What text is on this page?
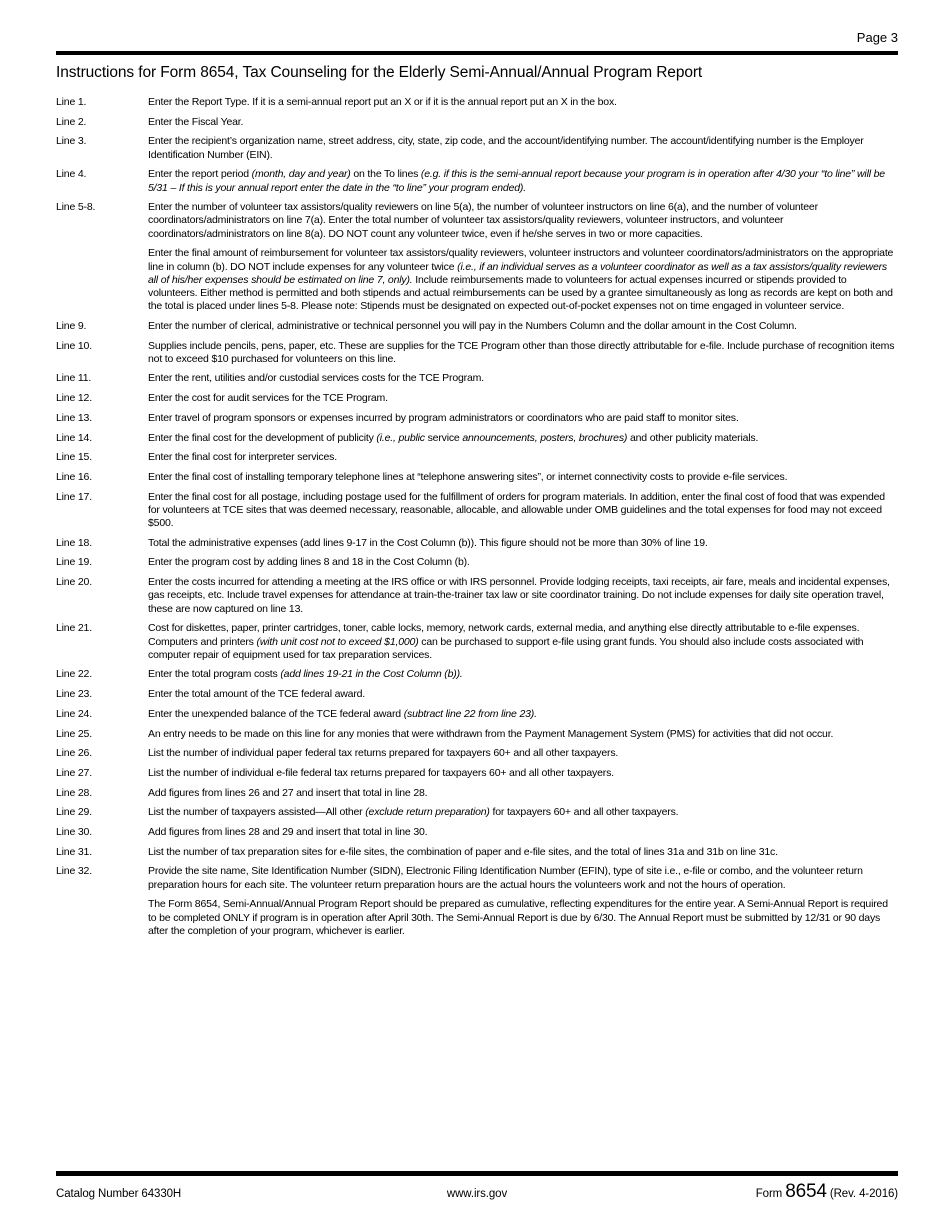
Page 3
Instructions for Form 8654, Tax Counseling for the Elderly Semi-Annual/Annual Program Report
Line 1.	Enter the Report Type. If it is a semi-annual report put an X or if it is the annual report put an X in the box.
Line 2.	Enter the Fiscal Year.
Line 3.	Enter the recipient’s organization name, street address, city, state, zip code, and the account/identifying number. The account/identifying number is the Employer Identification Number (EIN).
Line 4.	Enter the report period (month, day and year) on the To lines (e.g. if this is the semi-annual report because your program is in operation after 4/30 your “to line” will be 5/31 – If this is your annual report enter the date in the “to line” your program ended).
Line 5-8.	Enter the number of volunteer tax assistors/quality reviewers on line 5(a), the number of volunteer instructors on line 6(a), and the number of volunteer coordinators/administrators on line 7(a). Enter the total number of volunteer tax assistors/quality reviewers, volunteer instructors, and volunteer coordinators/administrators on line 8(a). DO NOT count any volunteer twice, even if he/she serves in two or more capacities.
Enter the final amount of reimbursement for volunteer tax assistors/quality reviewers, volunteer instructors and volunteer coordinators/administrators on the appropriate line in column (b). DO NOT include expenses for any volunteer twice (i.e., if an individual serves as a volunteer coordinator as well as a tax assistors/quality reviewers all of his/her expenses should be estimated on line 7, only). Include reimbursements made to volunteers for actual expenses incurred or stipends provided to volunteers. Either method is permitted and both stipends and actual reimbursements can be used by a grantee simultaneously as long as records are kept on both and the total is placed under lines 5-8. Please note: Stipends must be designated on expected out-of-pocket expenses not on time engaged in volunteer service.
Line 9.	Enter the number of clerical, administrative or technical personnel you will pay in the Numbers Column and the dollar amount in the Cost Column.
Line 10.	Supplies include pencils, pens, paper, etc. These are supplies for the TCE Program other than those directly attributable for e-file. Include purchase of recognition items not to exceed $10 purchased for volunteers on this line.
Line 11.	Enter the rent, utilities and/or custodial services costs for the TCE Program.
Line 12.	Enter the cost for audit services for the TCE Program.
Line 13.	Enter travel of program sponsors or expenses incurred by program administrators or coordinators who are paid staff to monitor sites.
Line 14.	Enter the final cost for the development of publicity (i.e., public service announcements, posters, brochures) and other publicity materials.
Line 15.	Enter the final cost for interpreter services.
Line 16.	Enter the final cost of installing temporary telephone lines at “telephone answering sites”, or internet connectivity costs to provide e-file services.
Line 17.	Enter the final cost for all postage, including postage used for the fulfillment of orders for program materials. In addition, enter the final cost of food that was expended for volunteers at TCE sites that was deemed necessary, reasonable, allocable, and allowable under OMB guidelines and the total expenses for food may not exceed $500.
Line 18.	Total the administrative expenses (add lines 9-17 in the Cost Column (b)). This figure should not be more than 30% of line 19.
Line 19.	Enter the program cost by adding lines 8 and 18 in the Cost Column (b).
Line 20.	Enter the costs incurred for attending a meeting at the IRS office or with IRS personnel. Provide lodging receipts, taxi receipts, air fare, meals and incidental expenses, gas receipts, etc. Include travel expenses for attendance at train-the-trainer tax law or site coordinator training. Do not include expenses for daily site operation travel, these are now captured on line 13.
Line 21.	Cost for diskettes, paper, printer cartridges, toner, cable locks, memory, network cards, external media, and anything else directly attributable to e-file expenses. Computers and printers (with unit cost not to exceed $1,000) can be purchased to support e-file using grant funds. You should also include costs associated with computer repair of equipment used for tax preparation services.
Line 22.	Enter the total program costs (add lines 19-21 in the Cost Column (b)).
Line 23.	Enter the total amount of the TCE federal award.
Line 24.	Enter the unexpended balance of the TCE federal award (subtract line 22 from line 23).
Line 25.	An entry needs to be made on this line for any monies that were withdrawn from the Payment Management System (PMS) for activities that did not occur.
Line 26.	List the number of individual paper federal tax returns prepared for taxpayers 60+ and all other taxpayers.
Line 27.	List the number of individual e-file federal tax returns prepared for taxpayers 60+ and all other taxpayers.
Line 28.	Add figures from lines 26 and 27 and insert that total in line 28.
Line 29.	List the number of taxpayers assisted—All other (exclude return preparation) for taxpayers 60+ and all other taxpayers.
Line 30.	Add figures from lines 28 and 29 and insert that total in line 30.
Line 31.	List the number of tax preparation sites for e-file sites, the combination of paper and e-file sites, and the total of lines 31a and 31b on line 31c.
Line 32.	Provide the site name, Site Identification Number (SIDN), Electronic Filing Identification Number (EFIN), type of site i.e., e-file or combo, and the volunteer return preparation hours for each site. The volunteer return preparation hours are the actual hours the volunteers work and not the hours of operation.
The Form 8654, Semi-Annual/Annual Program Report should be prepared as cumulative, reflecting expenditures for the entire year. A Semi-Annual Report is required to be completed ONLY if program is in operation after April 30th. The Semi-Annual Report is due by 6/30. The Annual Report must be submitted by 12/31 or 90 days after the completion of your program, whichever is earlier.
Catalog Number 64330H	www.irs.gov	Form 8654 (Rev. 4-2016)
